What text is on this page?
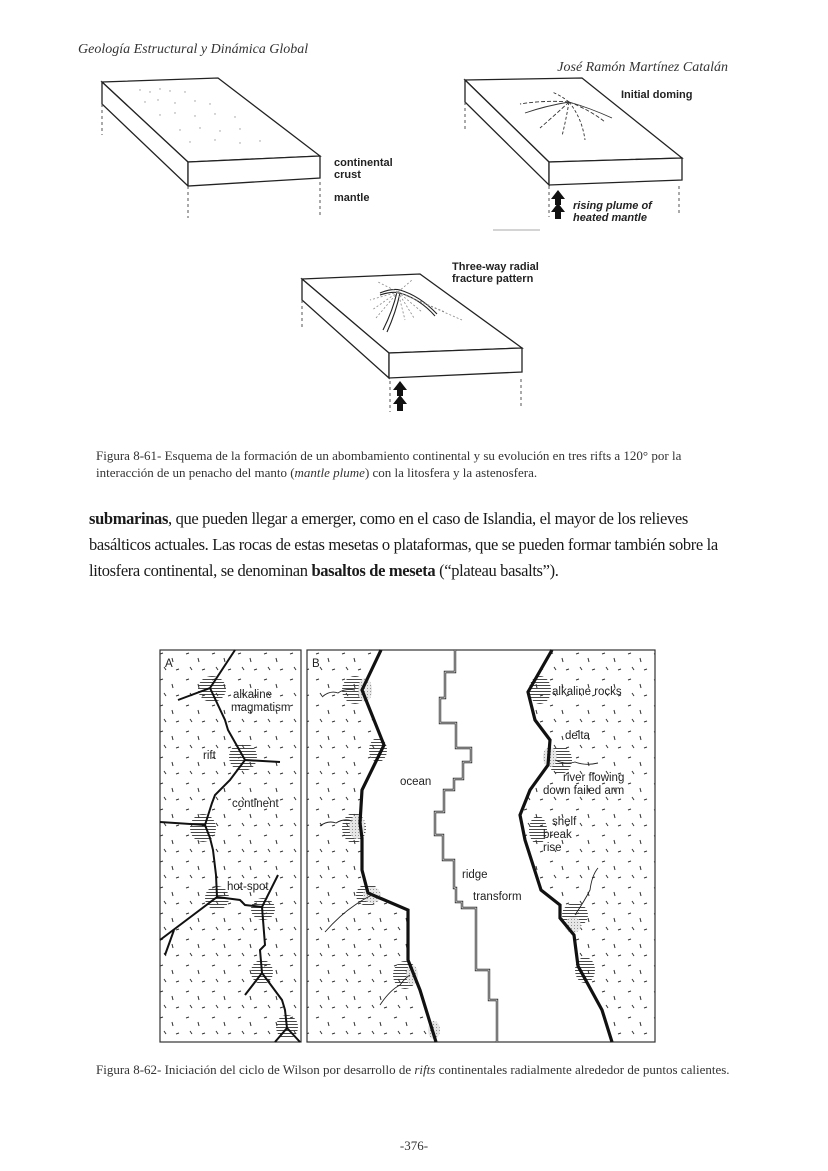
Geología Estructural y Dinámica Global
José Ramón Martínez Catalán
continental
crust
mantle
Initial doming
rising plume of
heated mantle
Three-way radial
fracture pattern
Figura 8-61- Esquema de la formación de un abombamiento continental y su evolución en tres rifts a 120° por la interacción de un penacho del manto (mantle plume) con la litosfera y la astenosfera.
submarinas, que pueden llegar a emerger, como en el caso de Islandia, el mayor de los relieves basálticos actuales. Las rocas de estas mesetas o plataformas, que se pueden formar también sobre la litosfera continental, se denominan basaltos de meseta (“plateau basalts”).
A
alkaline
magmatism
rift
continent
hot-spot
B
ocean
alkaline rocks
delta
river flowing
down failed arm
shelf
break
rise
ridge
transform
Figura 8-62- Iniciación del ciclo de Wilson por desarrollo de rifts continentales radialmente alrededor de puntos calientes.
-376-
